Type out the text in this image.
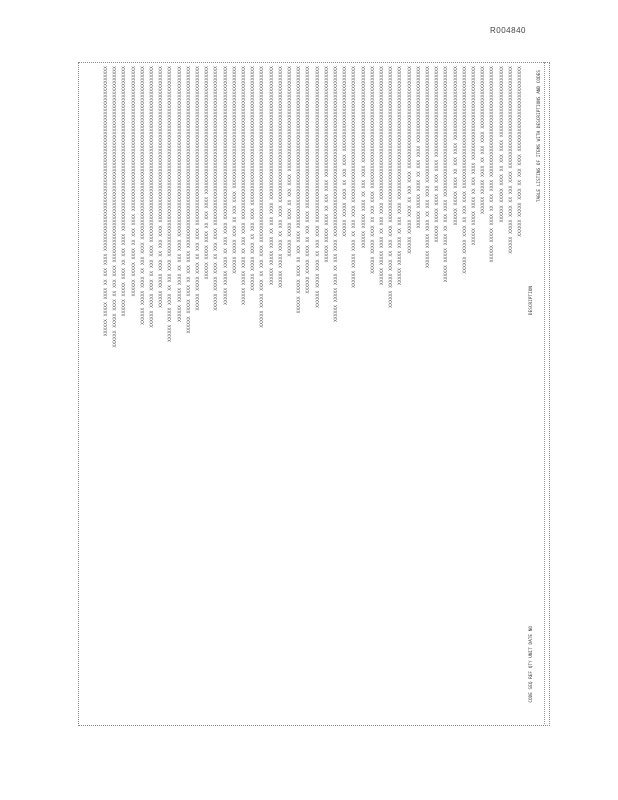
R004840
TABLE LISTING OF ITEMS WITH DESCRIPTIONS AND CODES
DESCRIPTION
CODE SEQ REF QTY UNIT DATE NO
XXXXXX XXXXX XXXX XX XXX XXXX XXXXXXXXXXXXXXXXXXXXXXXXXXXXXX
XXXXXX XXXXX XXXX XX XXX XXXX XXXXXXXXXXXXXXXXXXXXXXXXXXXXXXXXXXXX
XXXXXX XXXXX XXXX XX XXX XXXX XXXXXXXXXXXXXXXXXXXXXXXXX
XXXXXX XXXXX XXXX XX XXX XXXX XXXXXXXXXXXXXXXXXXXXXXXXXXXXXXXXXXXXXXX
XXXXXX XXXXX XXXX XX XXX XXXX XXXXXXXXXXXXXXXXXXXXXX
XXXXXX XXXXX XXXX XX XXX XXXX XXXXXXXXXXXXXXXXXXXXXXXXXXXXXXXXX
XXXXXX XXXXX XXXX XX XXX XXXX XXXXXXXXXXXXXXXXXXXXXXXXXXXXXXXXXXXXXXXXXXX
XXXXXX XXXXX XXXX XX XXX XXXX XXXXXXXXXXXXXXXXXXXXXXXXXX
XXXXXX XXXXX XXXX XX XXX XXXX XXXXXXXXXXXXXXXXXXXXXXXXXXXXXXXXXXXXXXXXXXXXXX
XXXXXX XXXXX XXXX XX XXX XXXX XXXXXXXXXXXXXXXXXXXXXXXXXXXXXXXX
XXXXXX XXXXX XXXX XX XXX XXXX XXXXXXXXXXXXXXXXXXXXXXXXXXXXXXXXXXXXXXXXX
XXXXXX XXXXX XXXX XX XXX XXXX XXXXXXXXXXXXXXXXXXXXXXXXXXX
XXXXXX XXXXX XXXX XX XXX XXXX XXXXXXXXXXXXXXXXXXXXXXXXXXXXXXXXXXXX
XXXXXX XXXXX XXXX XX XXX XXXX XXXXXXXXXXXXXXXXXXXXXXXXXXXXXXXXXXXXXXXXXXXXXXX
XXXXXX XXXXX XXXX XX XXX XXXX XXXXXXXXXXXXXXXXXXXXXXXXXXXXXXXXXXXXXXXXXXXXXXXXXXXXXXX
XXXXXX XXXXX XXXX XX XXX XXXX XXXXXXXXXXXXXXXXXXXXXXXXXXXXXXXXXXXXXXXXXXXXXXX
XXXXXX XXXXX XXXX XX XXX XXXX XXXXXXXXXXXXXXXXXXXXXXXXXXXXXXXXXXXXXXXXXXX
XXXXXX XXXXX XXXX XX XXX XXXX XXXXXXXXXXXXXXXXXXXXXXXXXXXXXXXXXX
XXXXXX XXXXX XXXX XX XXX XXXX XXXXXXXXXXXXXXXXXXXXXXXXXXXXXXXXXXXXXXXXXXXXXXXX
XXXXXX XXXXX XXXX XX XXX XXXX XXXXXXXXXXXXXXXXXXXXXXXXXXXXXX
XXXXXX XXXXX XXXX XX XXX XXXX XXXXXXXXXXXXXXXXXXXXXXXXXXXXXXXXXXXXXXXXXXXXXXXXXXXXXXXXXXXX
XXXXXX XXXXX XXXX XX XXX XXXX XXXXXXXXXXXXXXXXXXXXXXXXXXXXXXXXXXXXXXX
XXXXXX XXXXX XXXX XX XXX XXXX XXXXXXXXXXXXXXXXXXXXXXXXXXXXXXXXXXXXXXXXXXXXXXXXXXXXXXX
XXXXXX XXXXX XXXX XX XXX XXXX XXXXXXXXXXXXXXXXXXXXXXXXXXXXXXXXXXXXXXXXXXXXXXXXXX
XXXXXX XXXXX XXXX XX XXX XXXX XXXXXXXXXXXXXXXXXXXXXXXXXXXXXXXXXXXXXXXXXXXXXXXXXXXXXXXXX
XXXXXX XXXXX XXXX XX XXX XXXX XXXXXXXXXXXXXXXXXXXXXXXXXXXXXXXXXXXXX
XXXXXX XXXXX XXXX XX XXX XXXX XXXXXXXXXXXXXXXXXXXXXXXXXXXXXXXXXXXXXXXXXXXXXXXX
XXXXXX XXXXX XXXX XX XXX XXXX XXXXXXXXXXXXXXXXXXXXXXXXXXXXXXXXXXXXXXXXXXXXXXX
XXXXXX XXXXX XXXX XX XXX XXXX XXXXXXXXXXXXXXXXXXXXXXXXXXXXXXXXXXXXXXXXXXXXXXXXXXXXXXXXXXXXXX
XXXXXX XXXXX XXXX XX XXX XXXX XXXXXXXXXXXXXXXXXXXXXXXXXXXXXXXXXXXXXXXXXXXXXXXXX
XXXXXX XXXXX XXXX XX XXX XXXX XXXXXXXXXXXXXXXXXXXXXXXXXXXXXXXXXXXXXXXXXXXXXXXXXXXXXX
XXXXXX XXXXX XXXX XX XXX XXXX XXXXXXXXXXXXXXXXXXXXXXXXXXXXXXXXXXXXXXXXXXX
XXXXXX XXXXX XXXX XX XXX XXXX XXXXXXXXXXXXXXXXXXXXXXXXXXXXXXXXXXXXXXXXXXXXXXXXXXXXXX
XXXXXX XXXXX XXXX XX XXX XXXX XXXXXXXXXXXXXXXXXXXXXXXXXXXXXXXXXXXXXXXXXXXXXXXXXXXXXXXX
XXXXXX XXXXX XXXX XX XXX XXXX XXXXXXXXXXXXXXXXXXXXXXXXXXXXXXXXXXXXXXXXXXXXX
XXXXXX XXXXX XXXX XX XXX XXXX XXXXXXXXXXXXXXXXXXXXXXXXXXXXXXXXXXXXXXXXXXXXXXXXXXXXXXXX
XXXXXX XXXXX XXXX XX XXX XXXX XXXXXXXXXXXXXXXXXXXXXXXXXXXXXXXXXXXXXXXXXXXXXXXXXXXXXXXXXXXXXXXX
XXXXXX XXXXX XXXX XX XXX XXXX XXXXXXXXXXXXXXXXXXXXXXXXXXXXXXXXXXXXXXXXXXXXXXXXXXXXXXXXXXXX
XXXXXX XXXXX XXXX XX XXX XXXX XXXXXXXXXXXXXXXXXXXXXXXXXXXXXXXXXXXXXXXXXXXXXXXXXXXXXXXXXXXXXXXXXXX
XXXXXX XXXXX XXXX XX XXX XXXX XXXXXXXXXXXXXXXXXXXXXXXXXXXXXXXXXXXXXXXXXXXXXXXXXXXXXXX
XXXXXX XXXXX XXXX XX XXX XXXX XXXXXXXXXXXXXXXXXXXXXXXXXXXXXXXXXXXXXXXXXXXXXXXXXXXXXXXXXXXXXX
XXXXXX XXXXX XXXX XX XXX XXXX XXXXXXXXXXXXXXXXXXXXXXXXXXXXXXXXXXXXXXXXXXXXXXXXXXXXXXXXXXXXX
XXXXXX XXXXX XXXX XX XXX XXXX XXXXXXXXXXXXXXXXXXXXXXXXXXXXXXXXXXXXXXXXXXXXXXXXXXX
XXXXXX XXXXX XXXX XX XXX XXXX XXXXXXXXXXXXXXXXXXXXXXXXXXXXXXXXXXXXXXXXXXXXXXXXXXXXXXXXXX
XXXXXX XXXXX XXXX XX XXX XXXX XXXXXXXXXXXXXXXXXXXXXXXXXXXXXXXXXXXXXXXXXXXXXXXXXXXXXXXXXXXXXXXXXXXXX
XXXXXX XXXXX XXXX XX XXX XXXX XXXXXXXXXXXXXXXXXXXXXXXXXXXXXXXXXXXXXXXXXXXXXXXXXXXXXXXXXXXXXXXXX
